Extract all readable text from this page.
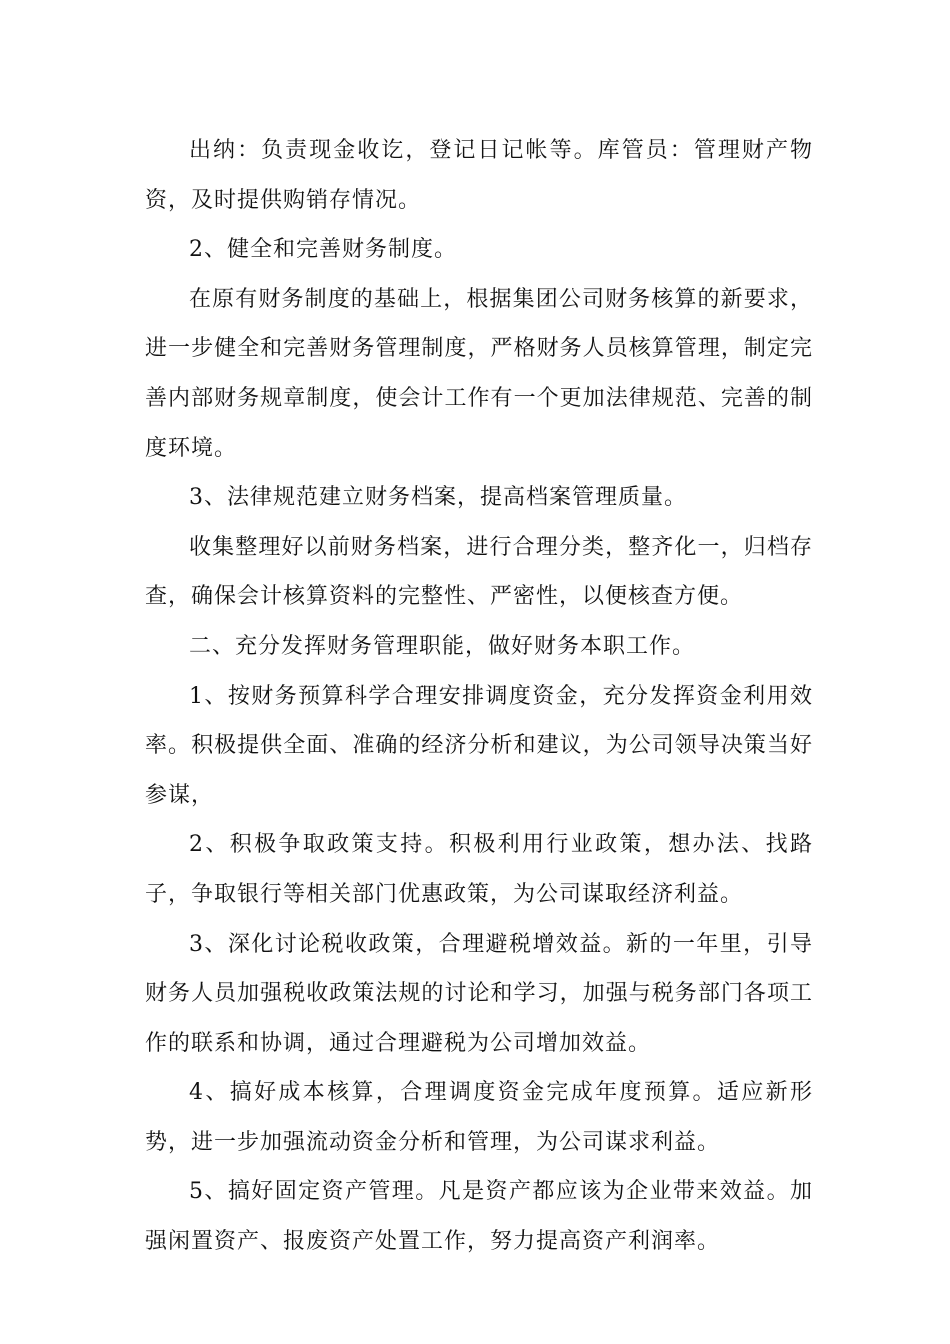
出纳：负责现金收讫，登记日记帐等。库管员：管理财产物资，及时提供购销存情况。

2、健全和完善财务制度。

在原有财务制度的基础上，根据集团公司财务核算的新要求，进一步健全和完善财务管理制度，严格财务人员核算管理，制定完善内部财务规章制度，使会计工作有一个更加法律规范、完善的制度环境。

3、法律规范建立财务档案，提高档案管理质量。

收集整理好以前财务档案，进行合理分类，整齐化一，归档存查，确保会计核算资料的完整性、严密性，以便核查方便。

二、充分发挥财务管理职能，做好财务本职工作。

1、按财务预算科学合理安排调度资金，充分发挥资金利用效率。积极提供全面、准确的经济分析和建议，为公司领导决策当好参谋，

2、积极争取政策支持。积极利用行业政策，想办法、找路子，争取银行等相关部门优惠政策，为公司谋取经济利益。

3、深化讨论税收政策，合理避税增效益。新的一年里，引导财务人员加强税收政策法规的讨论和学习，加强与税务部门各项工作的联系和协调，通过合理避税为公司增加效益。

4、搞好成本核算，合理调度资金完成年度预算。适应新形势，进一步加强流动资金分析和管理，为公司谋求利益。

5、搞好固定资产管理。凡是资产都应该为企业带来效益。加强闲置资产、报废资产处置工作，努力提高资产利润率。
